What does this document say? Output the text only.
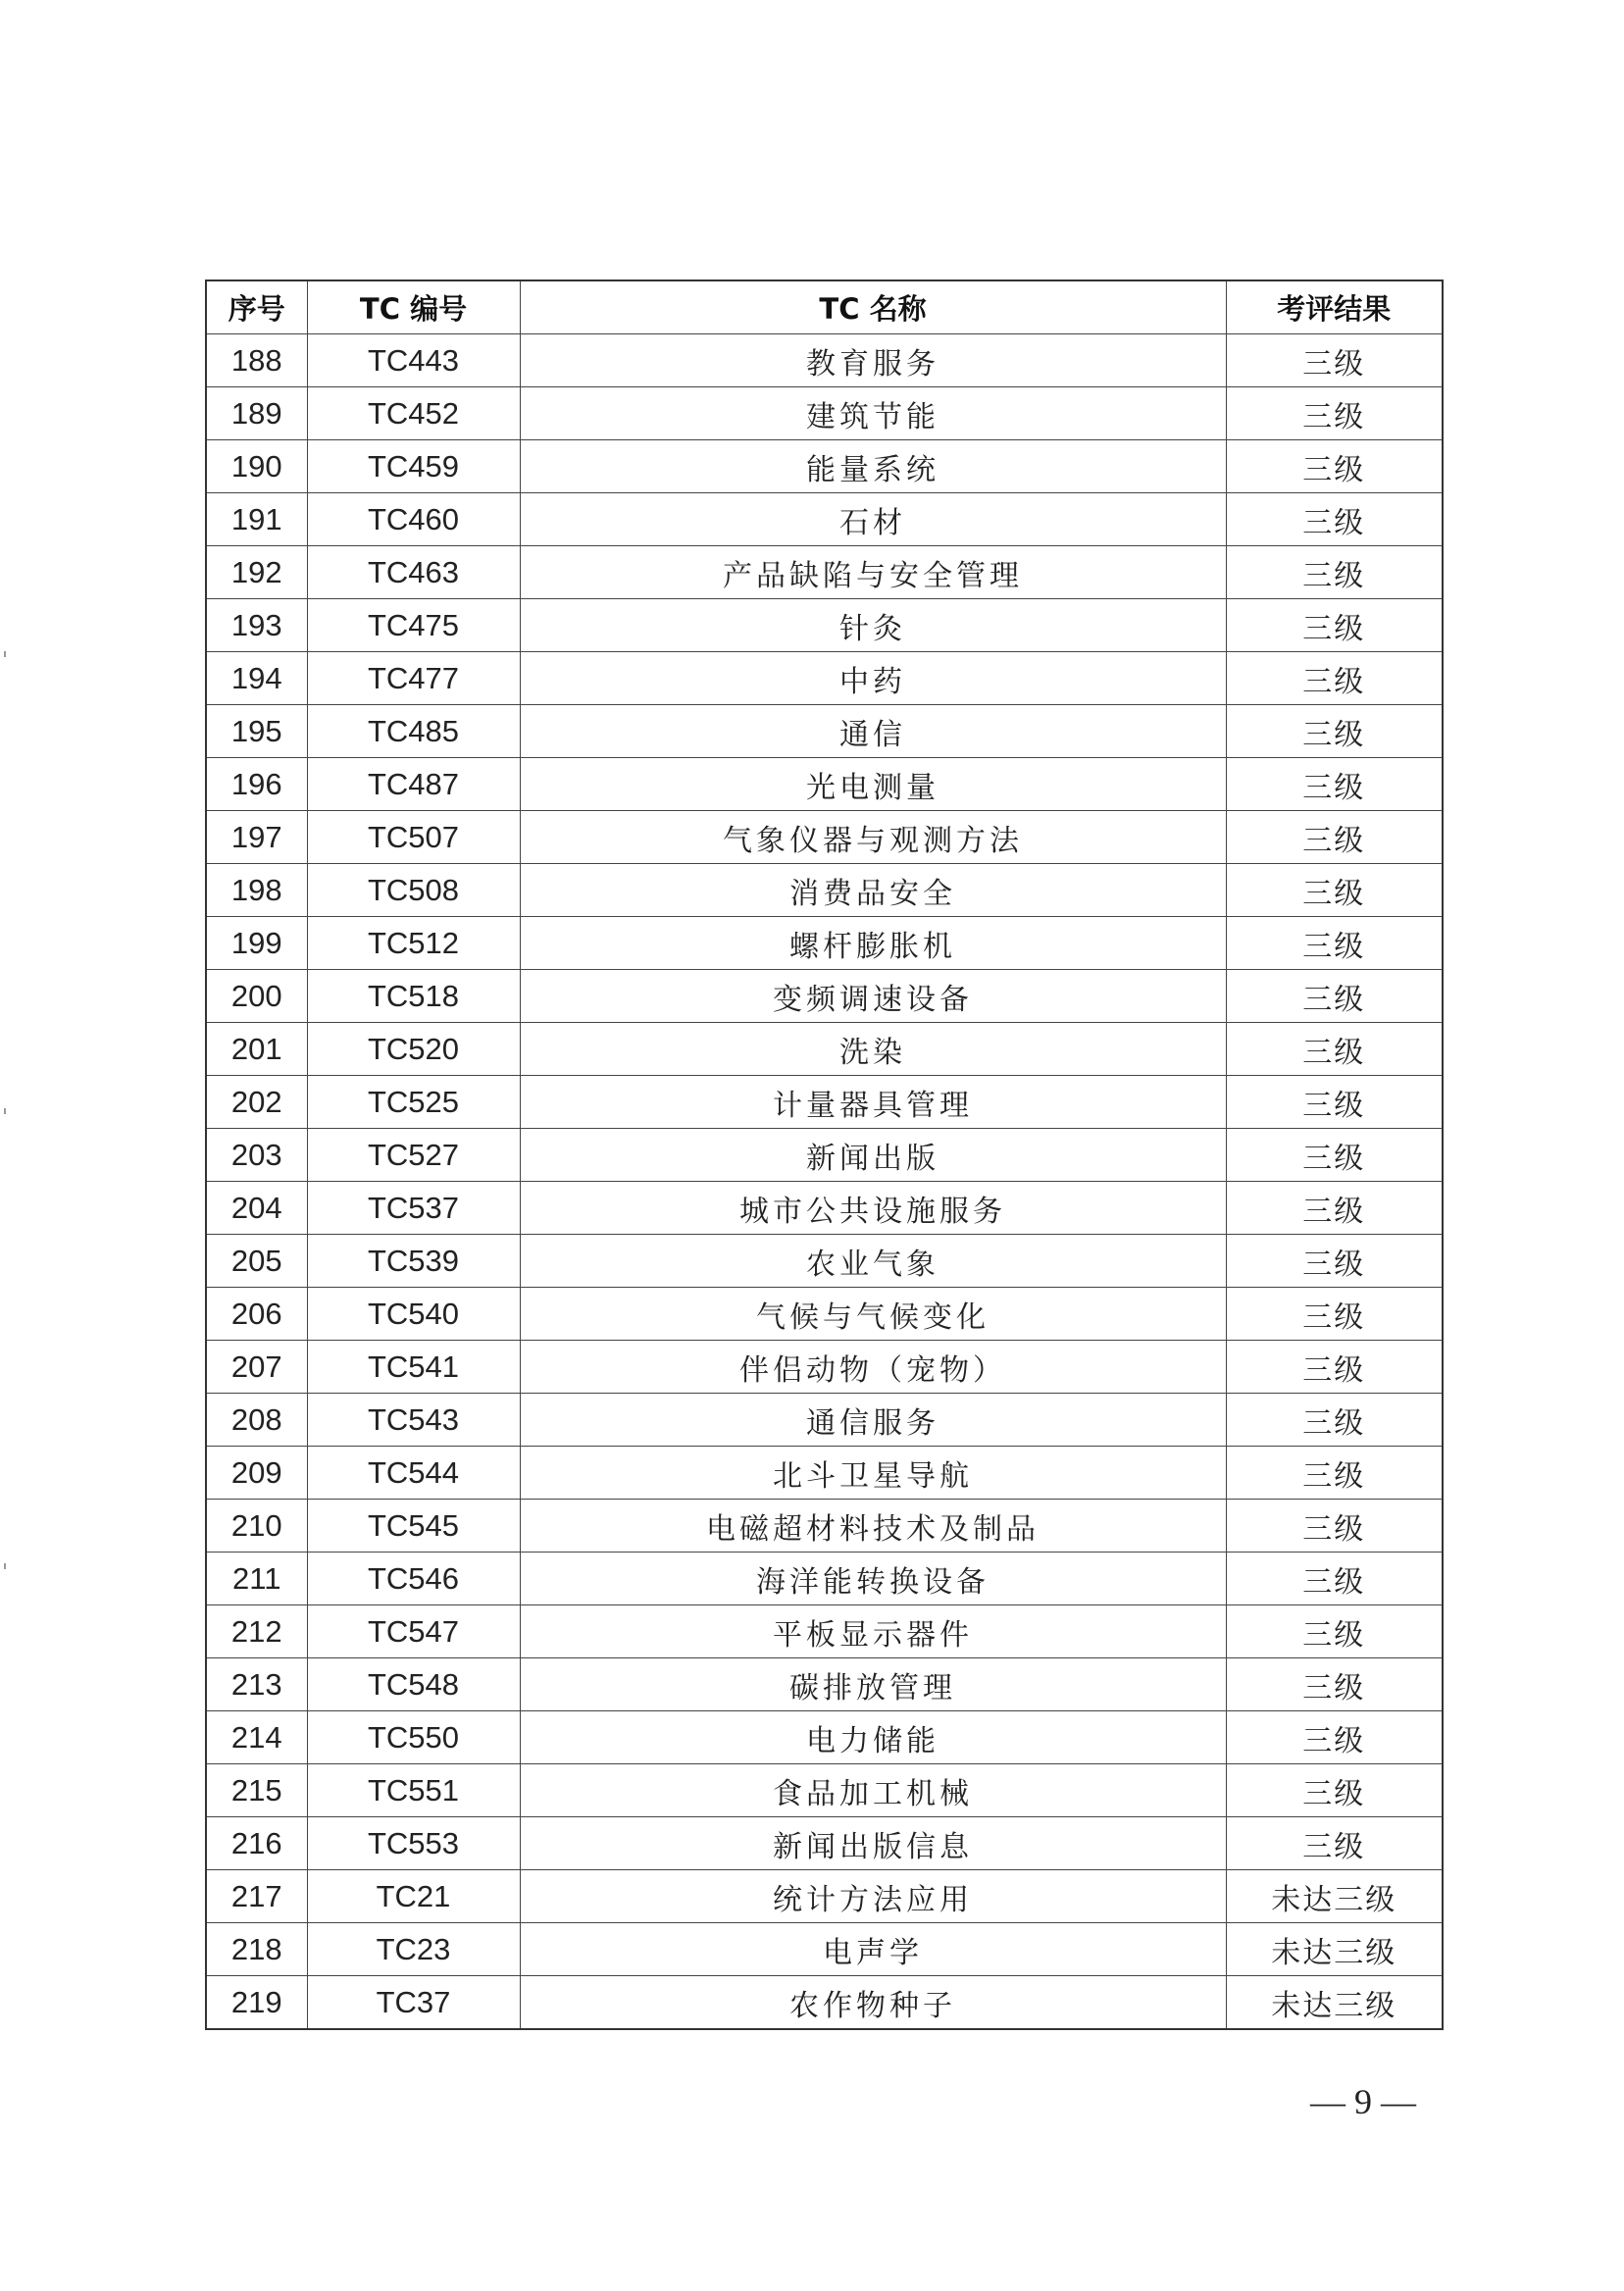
序号	TC 编号	TC 名称	考评结果
188	TC443	教育服务	三级
189	TC452	建筑节能	三级
190	TC459	能量系统	三级
191	TC460	石材	三级
192	TC463	产品缺陷与安全管理	三级
193	TC475	针灸	三级
194	TC477	中药	三级
195	TC485	通信	三级
196	TC487	光电测量	三级
197	TC507	气象仪器与观测方法	三级
198	TC508	消费品安全	三级
199	TC512	螺杆膨胀机	三级
200	TC518	变频调速设备	三级
201	TC520	洗染	三级
202	TC525	计量器具管理	三级
203	TC527	新闻出版	三级
204	TC537	城市公共设施服务	三级
205	TC539	农业气象	三级
206	TC540	气候与气候变化	三级
207	TC541	伴侣动物（宠物）	三级
208	TC543	通信服务	三级
209	TC544	北斗卫星导航	三级
210	TC545	电磁超材料技术及制品	三级
211	TC546	海洋能转换设备	三级
212	TC547	平板显示器件	三级
213	TC548	碳排放管理	三级
214	TC550	电力储能	三级
215	TC551	食品加工机械	三级
216	TC553	新闻出版信息	三级
217	TC21	统计方法应用	未达三级
218	TC23	电声学	未达三级
219	TC37	农作物种子	未达三级
— 9 —
